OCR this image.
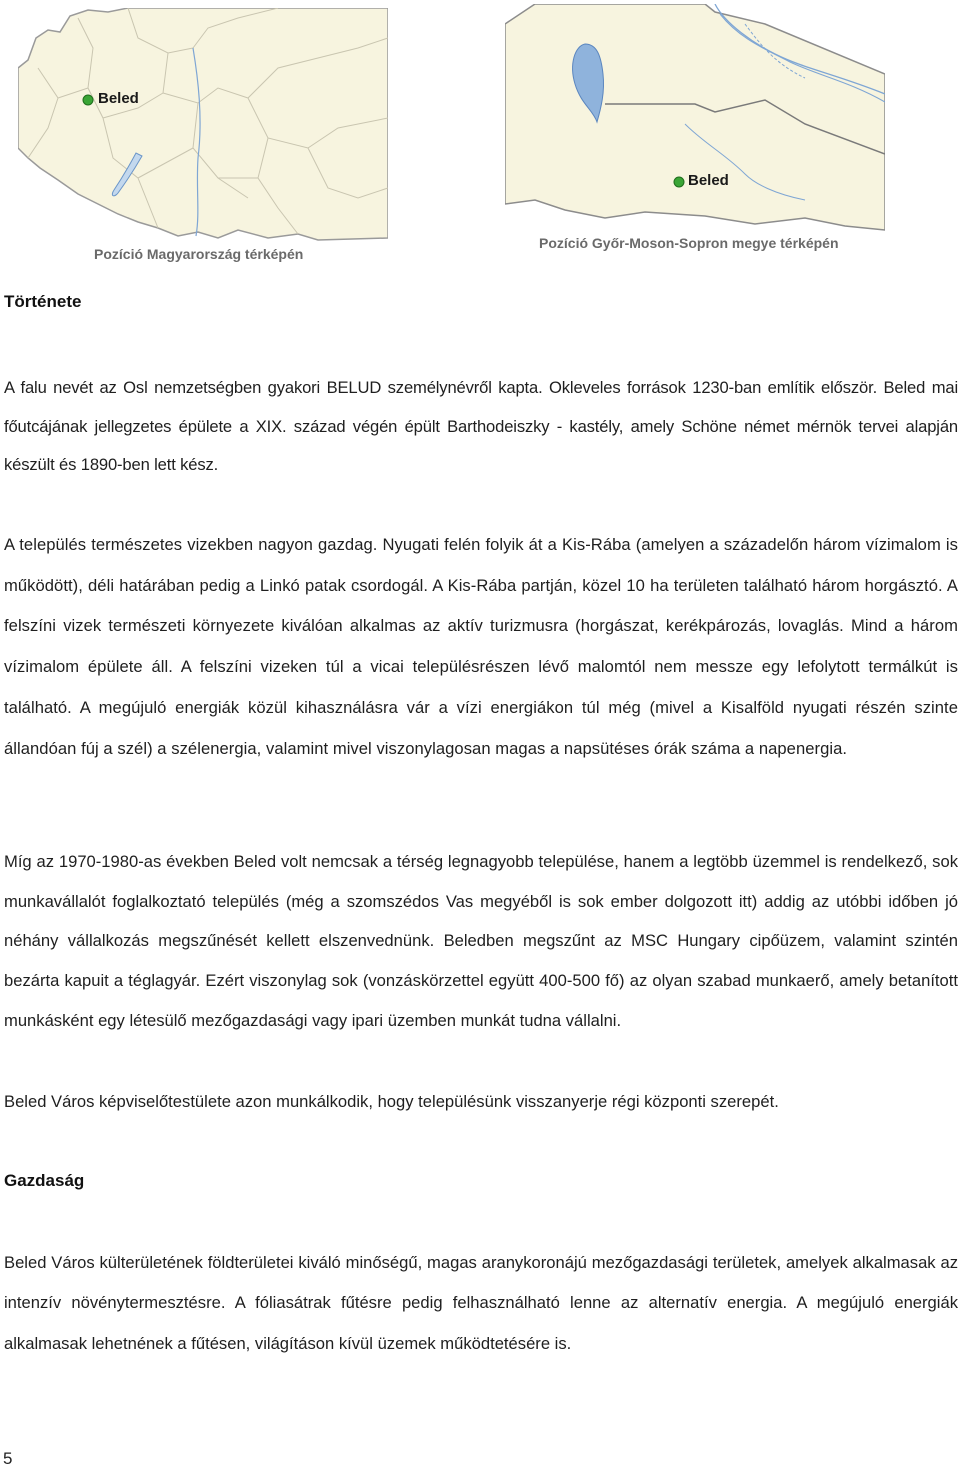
Beled
Pozíció Magyarország térképén
Beled
Pozíció Győr-Moson-Sopron megye térképén
Története
A falu nevét az Osl nemzetségben gyakori BELUD személynévről kapta. Okleveles források 1230-ban említik először. Beled mai főutcájának jellegzetes épülete a XIX. század végén épült Barthodeiszky - kastély, amely Schöne német mérnök tervei alapján készült és 1890-ben lett kész.
A település természetes vizekben nagyon gazdag. Nyugati felén folyik át a Kis-Rába (amelyen a századelőn három vízimalom is működött), déli határában pedig a Linkó patak csordogál. A Kis-Rába partján, közel 10 ha területen található három horgásztó. A felszíni vizek természeti környezete kiválóan alkalmas az aktív turizmusra (horgászat, kerékpározás, lovaglás. Mind a három vízimalom épülete áll. A felszíni vizeken túl a vicai településrészen lévő malomtól nem messze egy lefolytott termálkút is található. A megújuló energiák közül kihasználásra vár a vízi energiákon túl még (mivel a Kisalföld nyugati részén szinte állandóan fúj a szél) a szélenergia, valamint mivel viszonylagosan magas a napsütéses órák száma a napenergia.
Míg az 1970-1980-as években Beled volt nemcsak a térség legnagyobb települése, hanem a legtöbb üzemmel is rendelkező, sok munkavállalót foglalkoztató település (még a szomszédos Vas megyéből is sok ember dolgozott itt) addig az utóbbi időben jó néhány vállalkozás megszűnését kellett elszenvednünk. Beledben megszűnt az MSC Hungary cipőüzem, valamint szintén bezárta kapuit a téglagyár. Ezért viszonylag sok (vonzáskörzettel együtt 400-500 fő) az olyan szabad munkaerő, amely betanított munkásként egy létesülő mezőgazdasági vagy ipari üzemben munkát tudna vállalni.
Beled Város képviselőtestülete azon munkálkodik, hogy településünk visszanyerje régi központi szerepét.
Gazdaság
Beled Város külterületének földterületei kiváló minőségű, magas aranykoronájú mezőgazdasági területek, amelyek alkalmasak az intenzív növénytermesztésre. A fóliasátrak fűtésre pedig felhasználható lenne az alternatív energia. A megújuló energiák alkalmasak lehetnének a fűtésen, világításon kívül üzemek működtetésére is.
5
